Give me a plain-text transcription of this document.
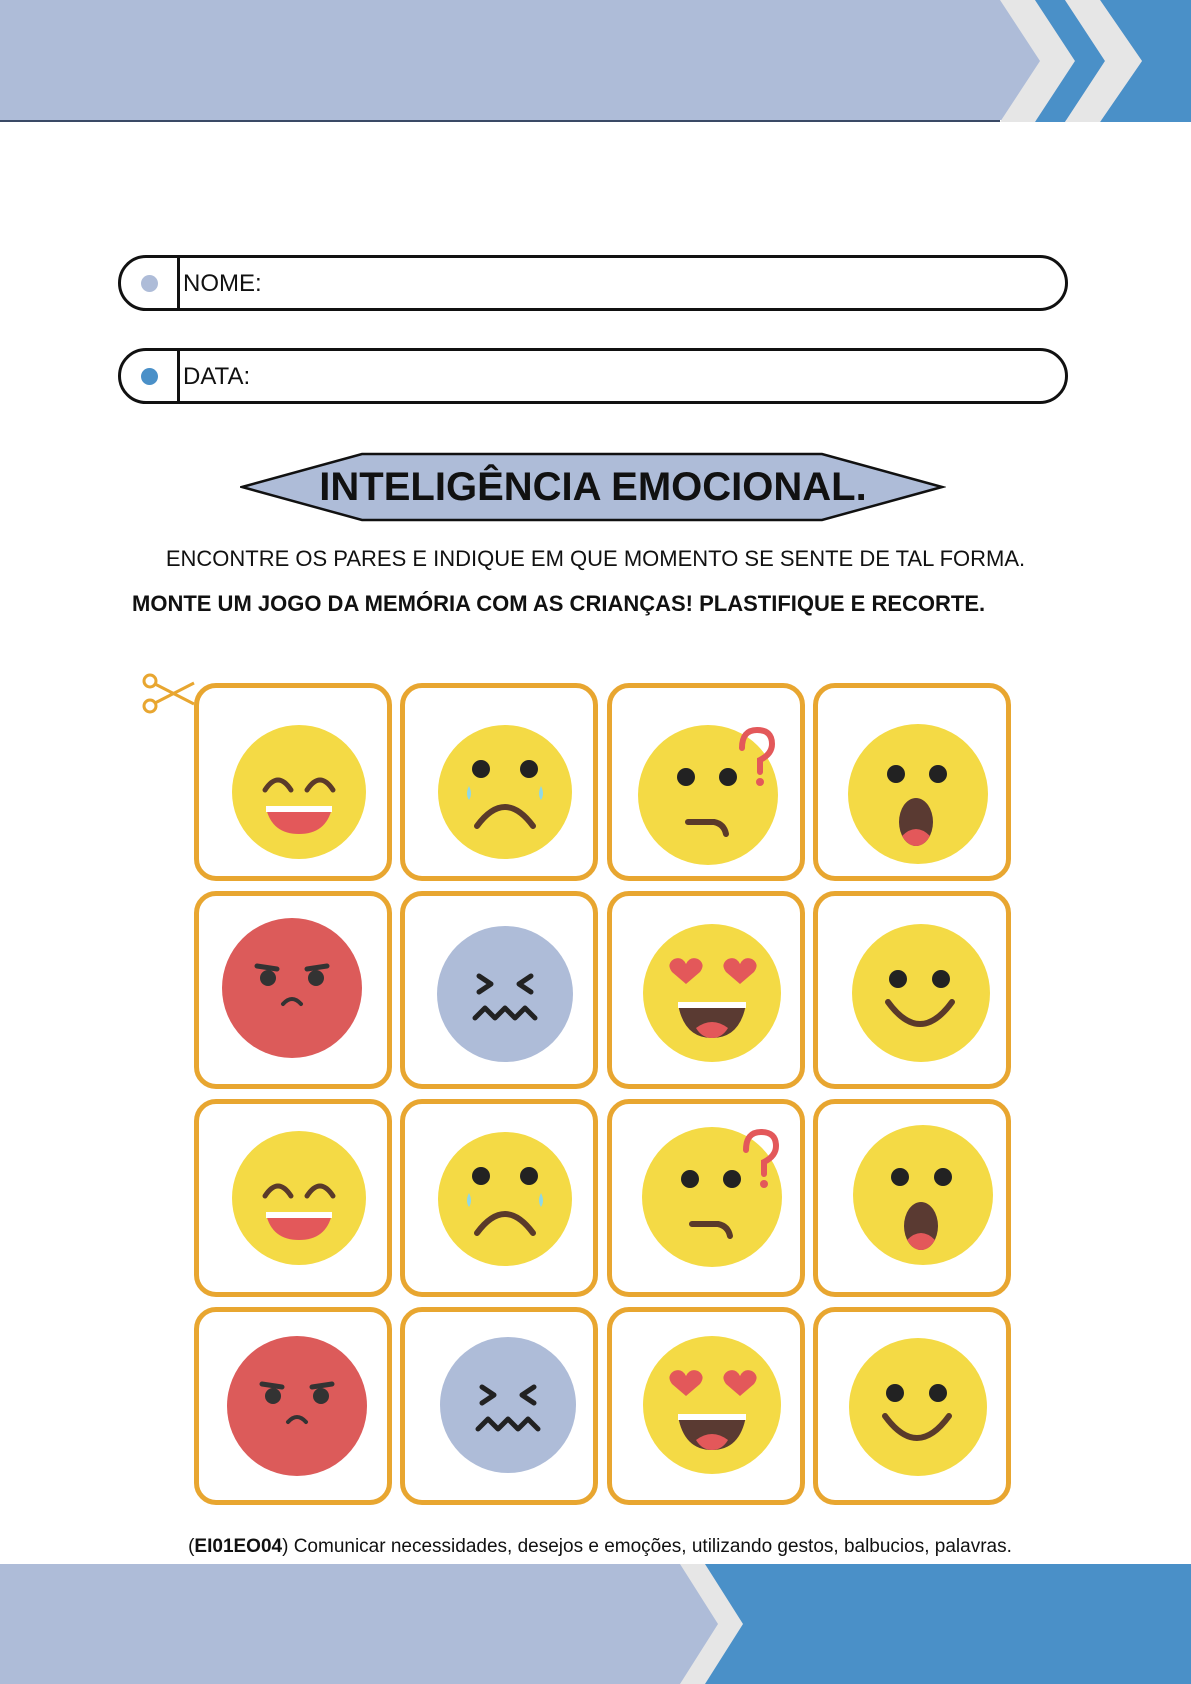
NOME:
DATA:
INTELIGÊNCIA EMOCIONAL.
ENCONTRE OS PARES E INDIQUE EM QUE MOMENTO SE SENTE DE TAL FORMA.
MONTE UM JOGO DA MEMÓRIA COM AS CRIANÇAS! PLASTIFIQUE E RECORTE.
(EI01EO04) Comunicar necessidades, desejos e emoções, utilizando gestos, balbucios, palavras.
